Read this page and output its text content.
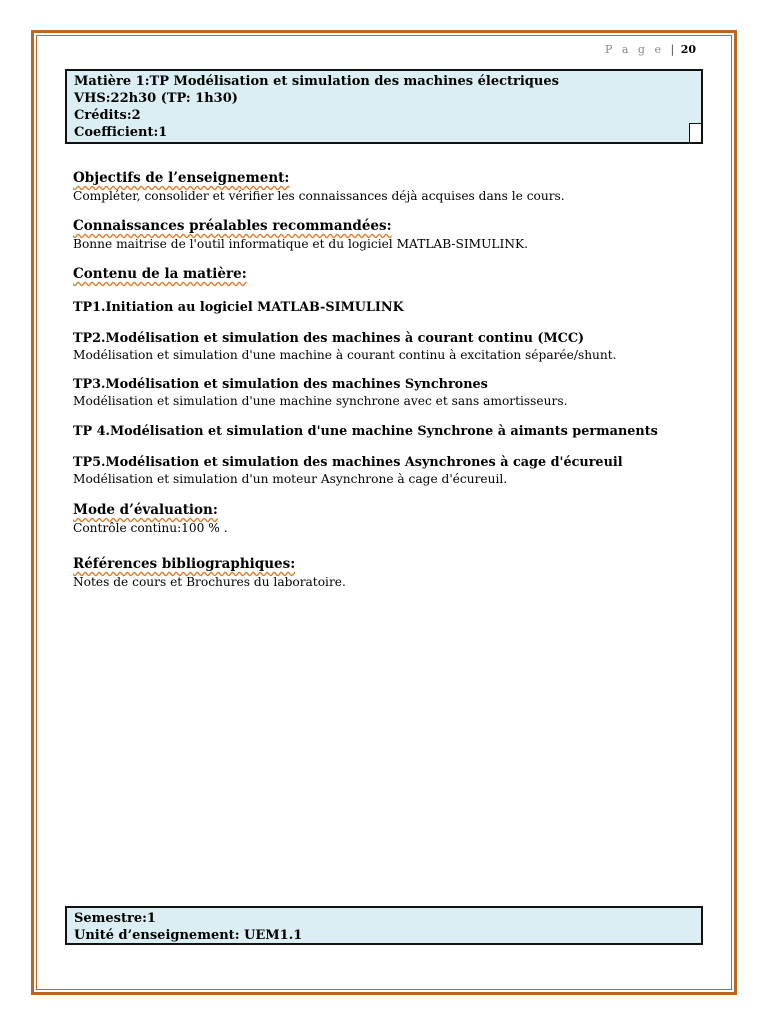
P a g e | 20
Matière 1:TP Modélisation et simulation des machines électriques
VHS:22h30 (TP: 1h30)
Crédits:2
Coefficient:1

Objectifs de l’enseignement:

Compléter, consolider et vérifier les connaissances déjà acquises dans le cours.

Connaissances préalables recommandées:

Bonne maitrise de l'outil informatique et du logiciel MATLAB-SIMULINK.

Contenu de la matière:

TP1.Initiation au logiciel MATLAB-SIMULINK

TP2.Modélisation et simulation des machines à courant continu (MCC)

Modélisation et simulation d'une machine à courant continu à excitation séparée/shunt.

TP3.Modélisation et simulation des machines Synchrones

Modélisation et simulation d'une machine synchrone avec et sans amortisseurs.

TP 4.Modélisation et simulation d'une machine Synchrone à aimants permanents

TP5.Modélisation et simulation des machines Asynchrones à cage d'écureuil

Modélisation et simulation d'un moteur Asynchrone à cage d'écureuil.

Mode d’évaluation:

Contrôle continu:100 % .

Références bibliographiques:

Notes de cours et Brochures du laboratoire.

Semestre:1
Unité d’enseignement: UEM1.1
